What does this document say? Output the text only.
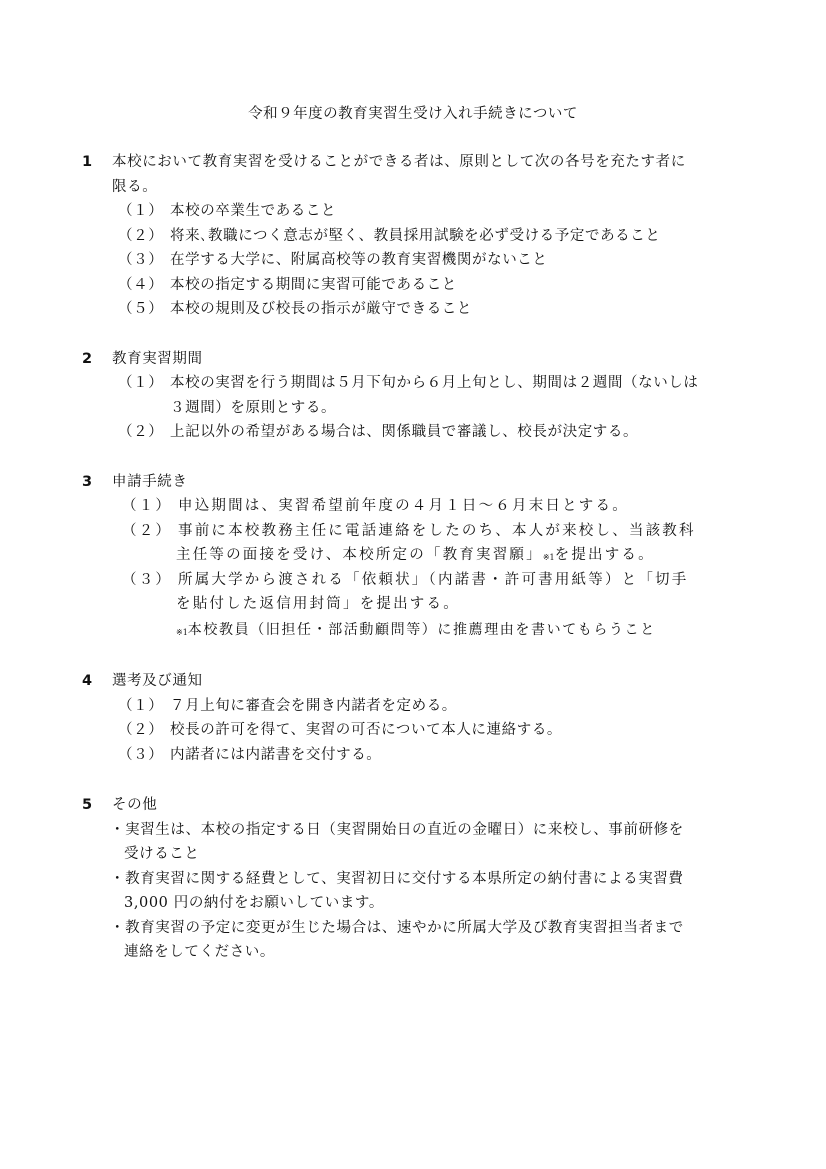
令和９年度の教育実習生受け入れ手続きについて
1 本校において教育実習を受けることができる者は、原則として次の各号を充たす者に
限る。
（１） 本校の卒業生であること
（２） 将来､教職につく意志が堅く、教員採用試験を必ず受ける予定であること
（３） 在学する大学に、附属高校等の教育実習機関がないこと
（４） 本校の指定する期間に実習可能であること
（５） 本校の規則及び校長の指示が厳守できること
2 教育実習期間
（１） 本校の実習を行う期間は５月下旬から６月上旬とし、期間は２週間（ないしは
３週間）を原則とする。
（２） 上記以外の希望がある場合は、関係職員で審議し、校長が決定する。
3 申請手続き
（１） 申込期間は、実習希望前年度の４月１日～６月末日とする。
（２） 事前に本校教務主任に電話連絡をしたのち、本人が来校し、当該教科
主任等の面接を受け、本校所定の「教育実習願」※1を提出する。
（３） 所属大学から渡される「依頼状」（内諾書・許可書用紙等）と「切手
を貼付した返信用封筒」を提出する。
※1本校教員（旧担任・部活動顧問等）に推薦理由を書いてもらうこと
4 選考及び通知
（１） ７月上旬に審査会を開き内諾者を定める。
（２） 校長の許可を得て、実習の可否について本人に連絡する。
（３） 内諾者には内諾書を交付する。
5 その他
・実習生は、本校の指定する日（実習開始日の直近の金曜日）に来校し、事前研修を
受けること
・教育実習に関する経費として、実習初日に交付する本県所定の納付書による実習費
3,000 円の納付をお願いしています。
・教育実習の予定に変更が生じた場合は、速やかに所属大学及び教育実習担当者まで
連絡をしてください。
